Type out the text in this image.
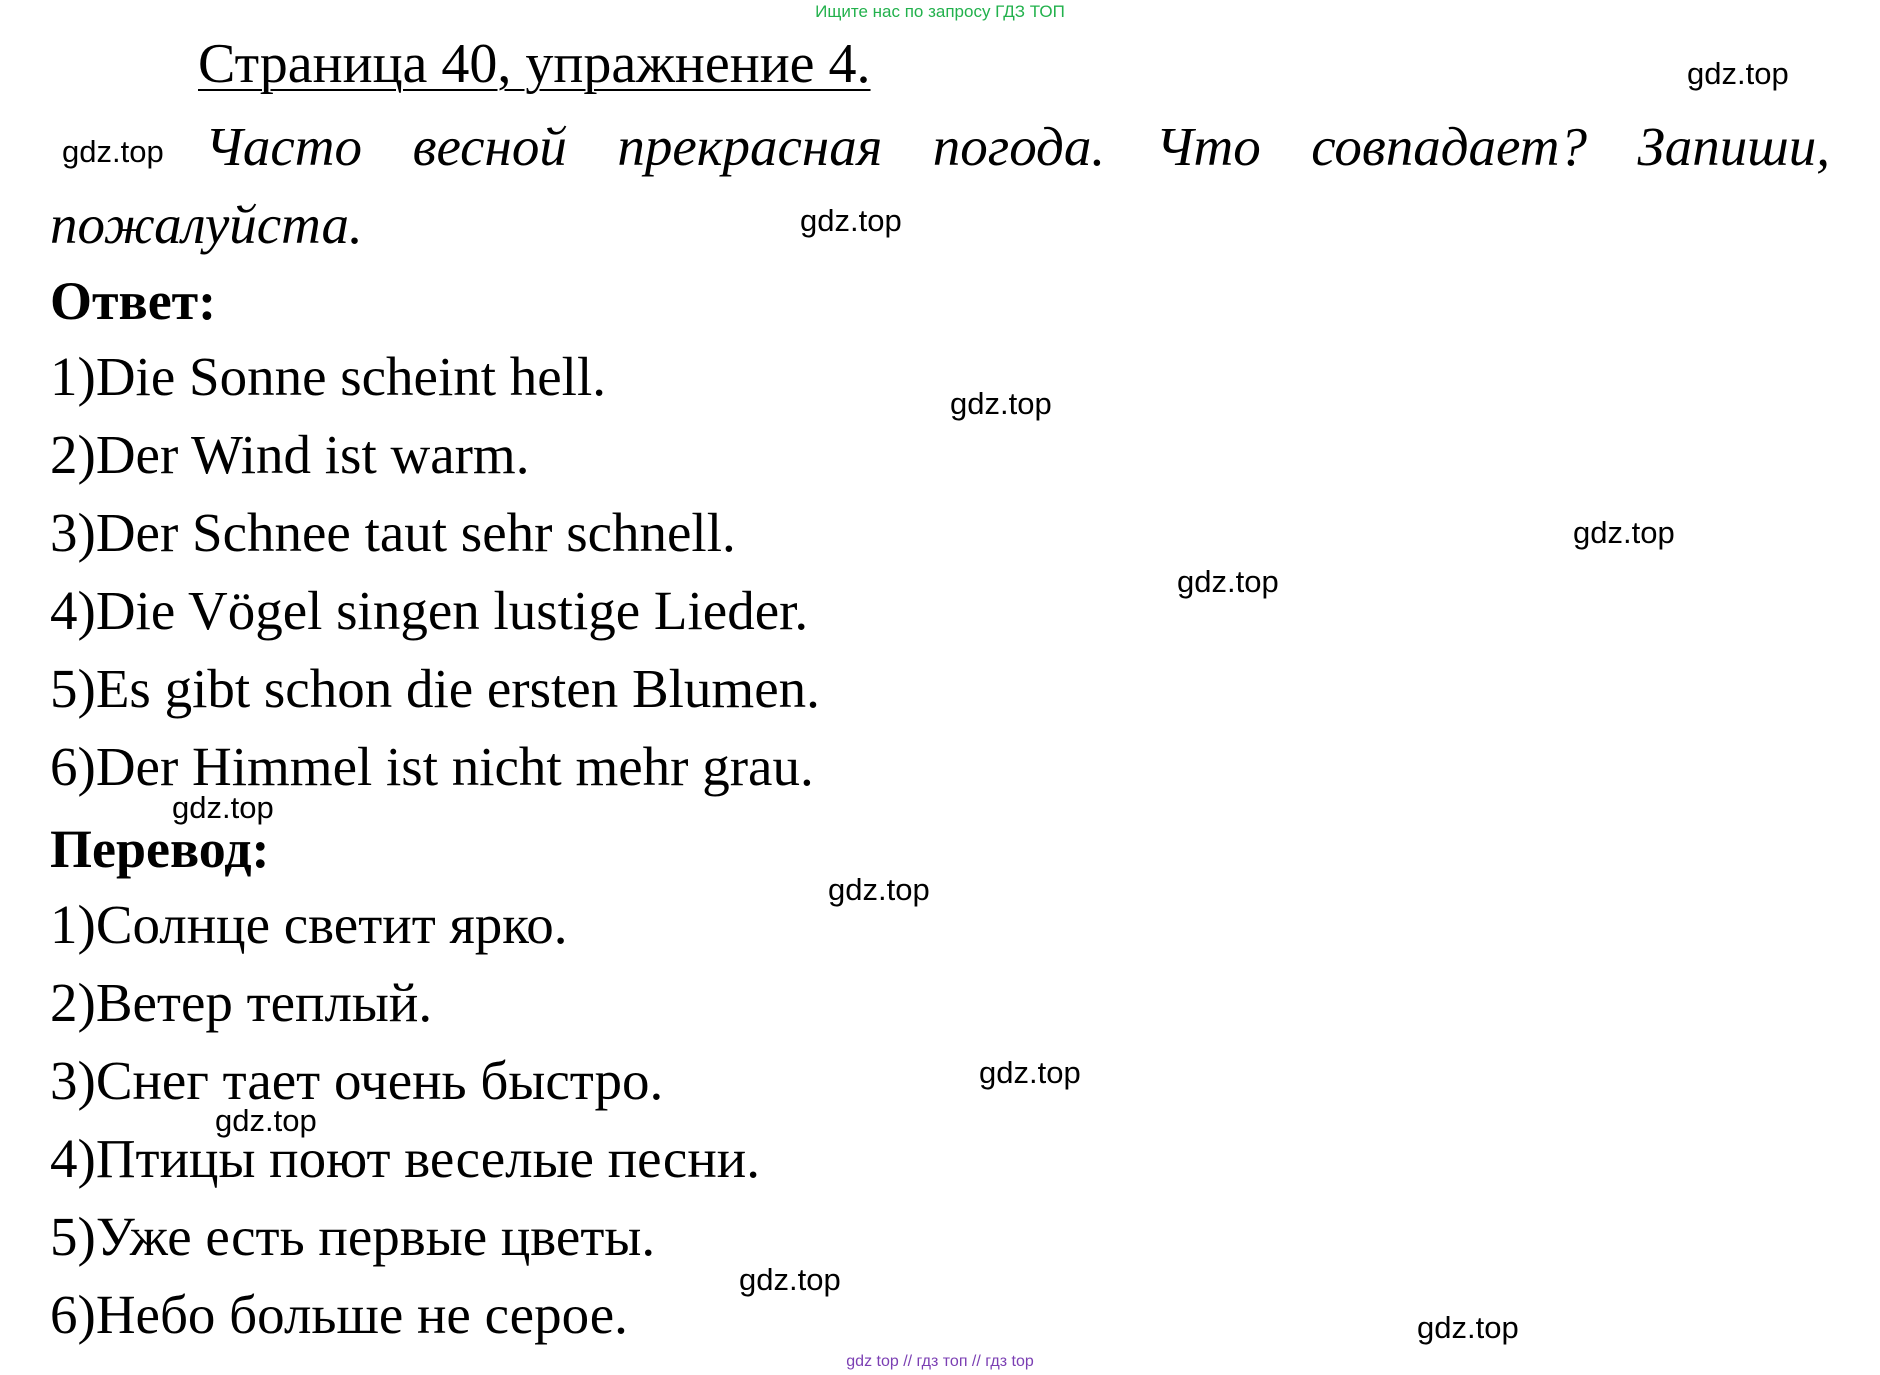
Ищите нас по запросу ГДЗ ТОП
Страница 40, упражнение 4.
Часто весной прекрасная погода. Что совпадает? Запиши, пожалуйста.
Ответ:
1)Die Sonne scheint hell.
2)Der Wind ist warm.
3)Der Schnee taut sehr schnell.
4)Die Vögel singen lustige Lieder.
5)Es gibt schon die ersten Blumen.
6)Der Himmel ist nicht mehr grau.
Перевод:
1)Солнце светит ярко.
2)Ветер теплый.
3)Снег тает очень быстро.
4)Птицы поют веселые песни.
5)Уже есть первые цветы.
6)Небо больше не серое.
gdz.top
gdz.top
gdz.top
gdz.top
gdz.top
gdz.top
gdz.top
gdz.top
gdz.top
gdz.top
gdz.top
gdz.top
gdz top // гдз топ // гдз top
